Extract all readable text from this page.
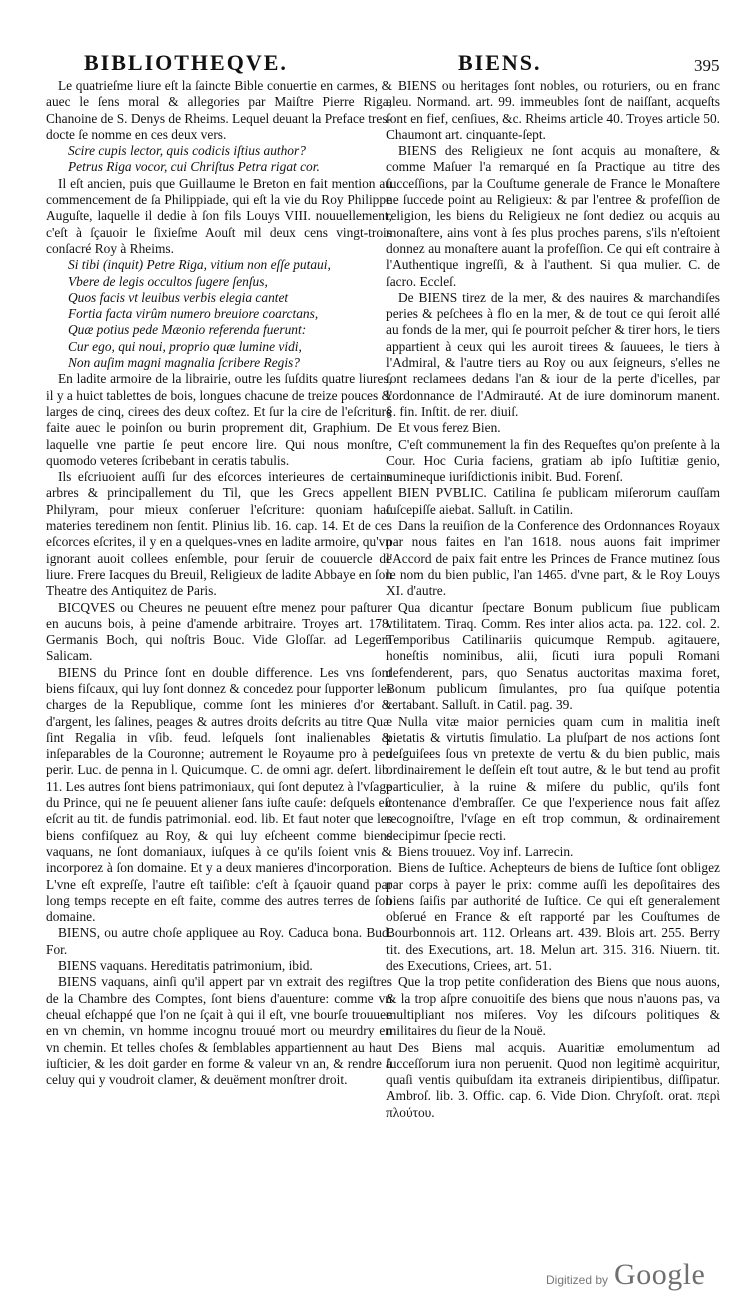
BIBLIOTHEQVE.	BIENS.	395

Le quatrieſme liure eſt la ſaincte Bible conuertie en carmes, & auec le ſens moral & allegories par Maiſtre Pierre Riga, Chanoine de S. Denys de Rheims. Lequel deuant la Preface tres-docte ſe nomme en ces deux vers.

Scire cupis lector, quis codicis iſtius author?

Petrus Riga vocor, cui Chriſtus Petra rigat cor.

Il eſt ancien, puis que Guillaume le Breton en fait mention au commencement de ſa Philippiade, qui eſt la vie du Roy Philippe Auguſte, laquelle il dedie à ſon fils Louys VIII. nouuellement, c'eſt à ſçauoir le ſixieſme Aouſt mil deux cens vingt-trois conſacré Roy à Rheims.

Si tibi (inquit) Petre Riga, vitium non eſſe putaui,

Vbere de legis occultos ſugere ſenſus,

Quos facis vt leuibus verbis elegia cantet

Fortia facta virûm numero breuiore coarctans,

Quæ potius pede Mæonio referenda fuerunt:

Cur ego, qui noui, proprio quæ lumine vidi,

Non auſim magni magnalia ſcribere Regis?

En ladite armoire de la librairie, outre les ſuſdits quatre liures, il y a huict tablettes de bois, longues chacune de treize pouces & larges de cinq, cirees des deux coſtez. Et ſur la cire de l'eſcriture faite auec le poinſon ou burin proprement dit, Graphium. De laquelle vne partie ſe peut encore lire. Qui nous monſtre, quomodo veteres ſcribebant in ceratis tabulis.

Ils eſcriuoient auſſi ſur des eſcorces interieures de certains arbres & principallement du Til, que les Grecs appellent Philyram, pour mieux conſeruer l'eſcriture: quoniam hac materies teredinem non ſentit. Plinius lib. 16. cap. 14. Et de ces eſcorces eſcrites, il y en a quelques-vnes en ladite armoire, qu'vn ignorant auoit collees enſemble, pour ſeruir de couuercle de liure. Frere Iacques du Breuil, Religieux de ladite Abbaye en ſon Theatre des Antiquitez de Paris.

BICQVES ou Cheures ne peuuent eſtre menez pour paſturer en aucuns bois, à peine d'amende arbitraire. Troyes art. 178. Germanis Boch, qui noſtris Bouc. Vide Gloſſar. ad Legem Salicam.

BIENS du Prince ſont en double difference. Les vns ſont biens fiſcaux, qui luy ſont donnez & concedez pour ſupporter les charges de la Republique, comme ſont les minieres d'or & d'argent, les ſalines, peages & autres droits deſcrits au titre Quæ ſint Regalia in vſib. feud. leſquels ſont inalienables & inſeparables de la Couronne; autrement le Royaume pro à peu perir. Luc. de penna in l. Quicumque. C. de omni agr. deſert. lib. 11. Les autres ſont biens patrimoniaux, qui ſont deputez à l'vſage du Prince, qui ne ſe peuuent aliener ſans iuſte cauſe: deſquels eſt eſcrit au tit. de fundis patrimonial. eod. lib. Et faut noter que les biens confiſquez au Roy, & qui luy eſcheent comme biens vaquans, ne ſont domaniaux, iuſques à ce qu'ils ſoient vnis & incorporez à ſon domaine. Et y a deux manieres d'incorporation. L'vne eſt expreſſe, l'autre eſt taiſible: c'eſt à ſçauoir quand par long temps recepte en eſt faite, comme des autres terres de ſon domaine.

BIENS, ou autre choſe appliquee au Roy. Caduca bona. Bud. For.

BIENS vaquans. Hereditatis patrimonium, ibid.

BIENS vaquans, ainſi qu'il appert par vn extrait des regiſtres de la Chambre des Comptes, ſont biens d'auenture: comme vn cheual eſchappé que l'on ne ſçait à qui il eſt, vne bourſe trouuee en vn chemin, vn homme incognu trouué mort ou meurdry en vn chemin. Et telles choſes & ſemblables appartiennent au haut iuſticier, & les doit garder en forme & valeur vn an, & rendre à celuy qui y voudroit clamer, & deuëment monſtrer droit.

BIENS ou heritages ſont nobles, ou roturiers, ou en franc aleu. Normand. art. 99. immeubles ſont de naiſſant, acqueſts ſont en fief, cenſiues, &c. Rheims article 40. Troyes article 50. Chaumont art. cinquante-ſept.

BIENS des Religieux ne ſont acquis au monaſtere, & comme Maſuer l'a remarqué en ſa Practique au titre des ſucceſſions, par la Couſtume generale de France le Monaſtere ne ſuccede point au Religieux: & par l'entree & profeſſion de religion, les biens du Religieux ne ſont dediez ou acquis au monaſtere, ains vont à ſes plus proches parens, s'ils n'eſtoient donnez au monaſtere auant la profeſſion. Ce qui eſt contraire à l'Authentique ingreſſi, & à l'authent. Si qua mulier. C. de ſacro. Eccleſ.

De BIENS tirez de la mer, & des nauires & marchandiſes peries & peſchees à flo en la mer, & de tout ce qui ſeroit allé au fonds de la mer, qui ſe pourroit peſcher & tirer hors, le tiers appartient à ceux qui les auroit tirees & ſauuees, le tiers à l'Admiral, & l'autre tiers au Roy ou aux ſeigneurs, s'elles ne ſont reclamees dedans l'an & iour de la perte d'icelles, par l'ordonnance de l'Admirauté. At de iure dominorum manent. §. fin. Inſtit. de rer. diuiſ.

Et vous ferez Bien.

C'eſt communement la fin des Requeſtes qu'on preſente à la Cour. Hoc Curia faciens, gratiam ab ipſo Iuſtitiæ genio, numineque iuriſdictionis inibit. Bud. Forenſ.

BIEN PVBLIC. Catilina ſe publicam miſerorum cauſſam ſuſcepiſſe aiebat. Salluſt. in Catilin.

Dans la reuiſion de la Conference des Ordonnances Royaux par nous faites en l'an 1618. nous auons fait imprimer l'Accord de paix fait entre les Princes de France mutinez ſous le nom du bien public, l'an 1465. d'vne part, & le Roy Louys XI. d'autre.

Qua dicantur ſpectare Bonum publicum ſiue publicam vtilitatem. Tiraq. Comm. Res inter alios acta. pa. 122. col. 2. Temporibus Catilinariis quicumque Rempub. agitauere, honeſtis nominibus, alii, ſicuti iura populi Romani defenderent, pars, quo Senatus auctoritas maxima foret, Bonum publicum ſimulantes, pro ſua quiſque potentia certabant. Salluſt. in Catil. pag. 39.

Nulla vitæ maior pernicies quam cum in malitia ineſt pietatis & virtutis ſimulatio. La pluſpart de nos actions ſont deſguiſees ſous vn pretexte de vertu & du bien public, mais ordinairement le deſſein eſt tout autre, & le but tend au profit particulier, à la ruine & miſere du public, qu'ils font contenance d'embraſſer. Ce que l'experience nous fait aſſez recognoiſtre, l'vſage en eſt trop commun, & ordinairement decipimur ſpecie recti.

Biens trouuez. Voy inf. Larrecin.

Biens de Iuſtice. Achepteurs de biens de Iuſtice ſont obligez par corps à payer le prix: comme auſſi les depoſitaires des biens ſaiſis par authorité de Iuſtice. Ce qui eſt generalement obſerué en France & eſt rapporté par les Couſtumes de Bourbonnois art. 112. Orleans art. 439. Blois art. 255. Berry tit. des Executions, art. 18. Melun art. 315. 316. Niuern. tit. des Executions, Criees, art. 51.

Que la trop petite conſideration des Biens que nous auons, & la trop aſpre conuoitiſe des biens que nous n'auons pas, va multipliant nos miſeres. Voy les diſcours politiques & militaires du ſieur de la Nouë.

Des Biens mal acquis. Auaritiæ emolumentum ad ſucceſſorum iura non peruenit. Quod non legitimè acquiritur, quaſi ventis quibuſdam ita extraneis diripientibus, diſſipatur. Ambroſ. lib. 3. Offic. cap. 6. Vide Dion. Chryſoſt. orat. περὶ πλούτου.

Digitized by Google
